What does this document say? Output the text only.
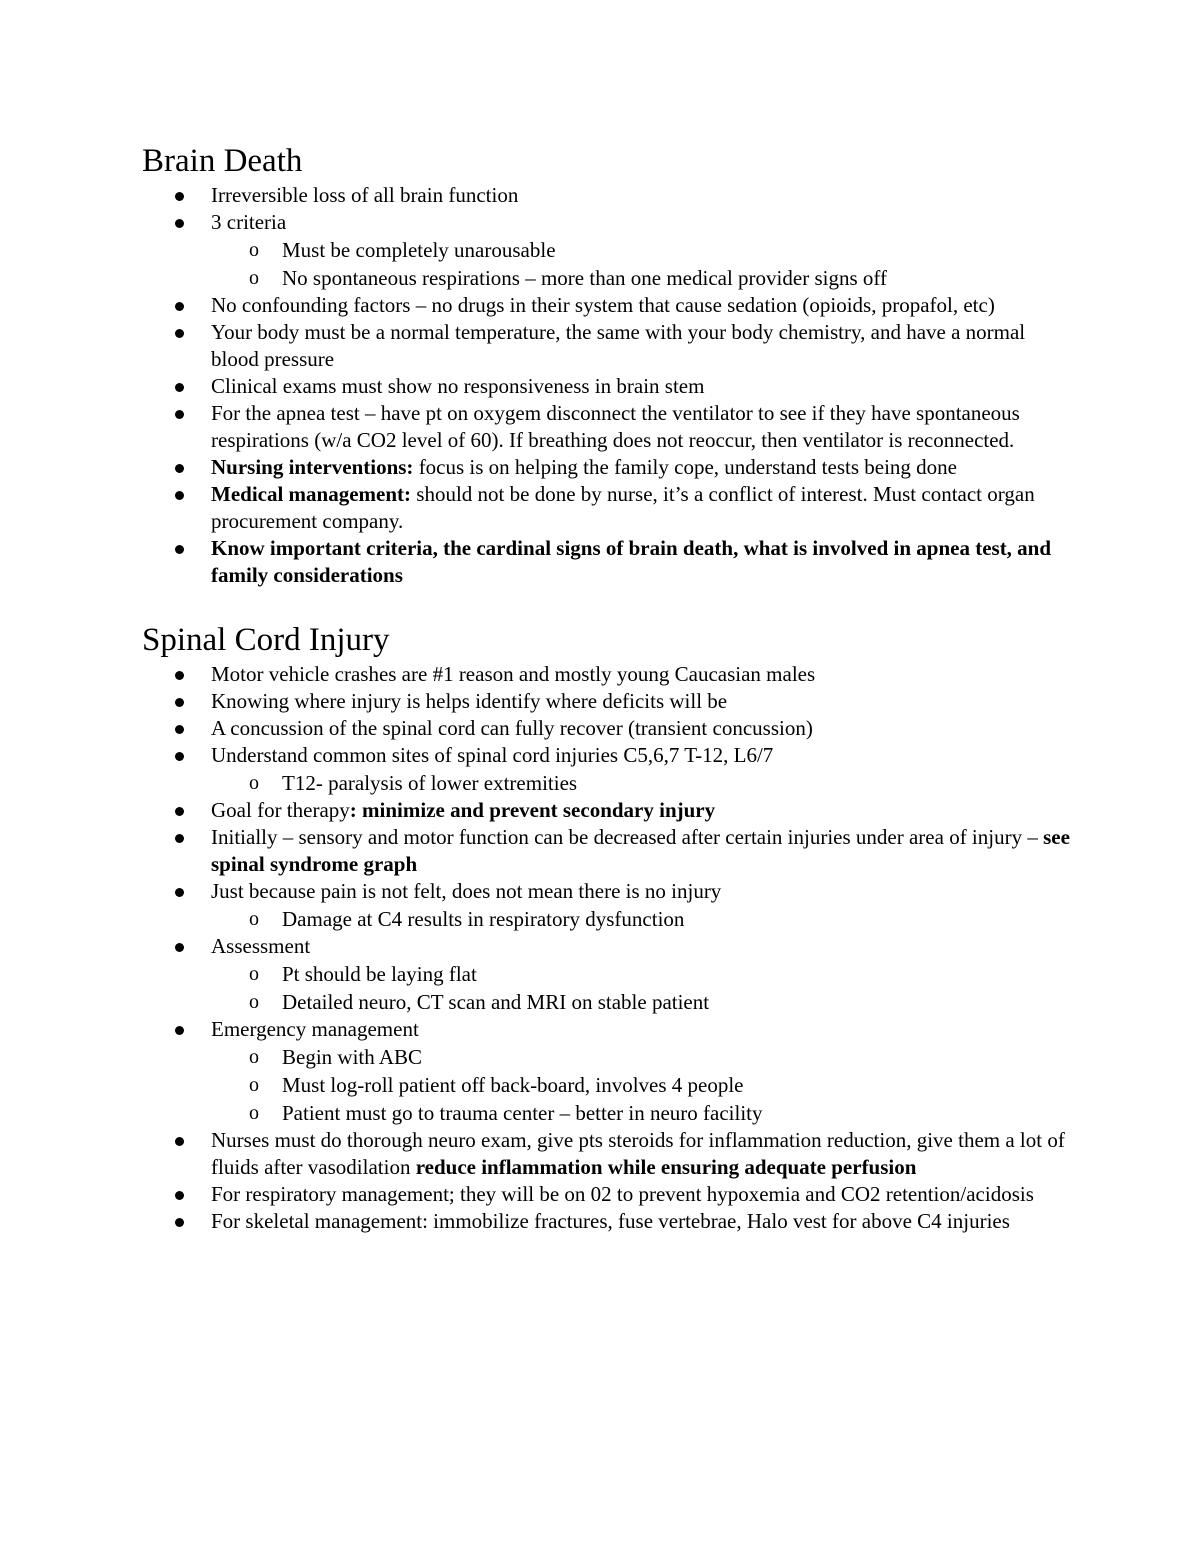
Brain Death
Irreversible loss of all brain function
3 criteria
o Must be completely unarousable
o No spontaneous respirations – more than one medical provider signs off
No confounding factors – no drugs in their system that cause sedation (opioids, propafol, etc)
Your body must be a normal temperature, the same with your body chemistry, and have a normal blood pressure
Clinical exams must show no responsiveness in brain stem
For the apnea test – have pt on oxygem disconnect the ventilator to see if they have spontaneous respirations (w/a CO2 level of 60). If breathing does not reoccur, then ventilator is reconnected.
Nursing interventions: focus is on helping the family cope, understand tests being done
Medical management: should not be done by nurse, it’s a conflict of interest. Must contact organ procurement company.
Know important criteria, the cardinal signs of brain death, what is involved in apnea test, and family considerations
Spinal Cord Injury
Motor vehicle crashes are #1 reason and mostly young Caucasian males
Knowing where injury is helps identify where deficits will be
A concussion of the spinal cord can fully recover (transient concussion)
Understand common sites of spinal cord injuries C5,6,7 T-12, L6/7
o T12- paralysis of lower extremities
Goal for therapy: minimize and prevent secondary injury
Initially – sensory and motor function can be decreased after certain injuries under area of injury – see spinal syndrome graph
Just because pain is not felt, does not mean there is no injury
o Damage at C4 results in respiratory dysfunction
Assessment
o Pt should be laying flat
o Detailed neuro, CT scan and MRI on stable patient
Emergency management
o Begin with ABC
o Must log-roll patient off back-board, involves 4 people
o Patient must go to trauma center – better in neuro facility
Nurses must do thorough neuro exam, give pts steroids for inflammation reduction, give them a lot of fluids after vasodilation reduce inflammation while ensuring adequate perfusion
For respiratory management; they will be on 02 to prevent hypoxemia and CO2 retention/acidosis
For skeletal management: immobilize fractures, fuse vertebrae, Halo vest for above C4 injuries
